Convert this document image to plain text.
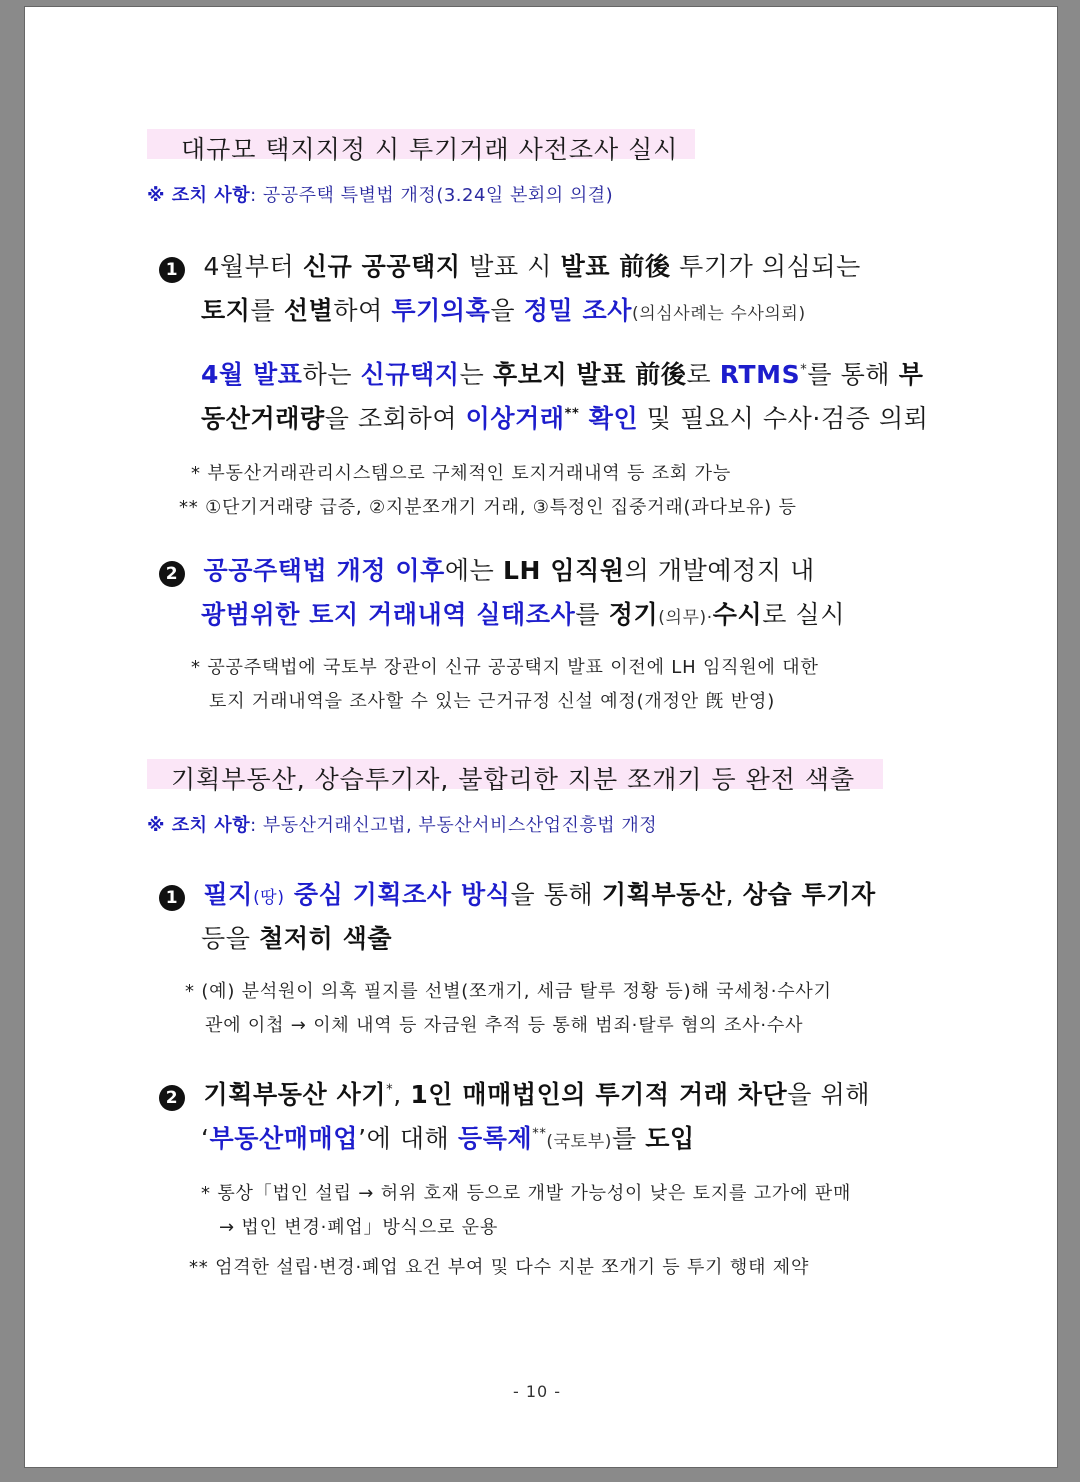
대규모 택지지정 시 투기거래 사전조사 실시
※ 조치 사항: 공공주택 특별법 개정(3.24일 본회의 의결)
1 4월부터 신규 공공택지 발표 시 발표 前後 투기가 의심되는
토지를 선별하여 투기의혹을 정밀 조사(의심사례는 수사의뢰)
4월 발표하는 신규택지는 후보지 발표 前後로 RTMS*를 통해 부
동산거래량을 조회하여 이상거래** 확인 및 필요시 수사·검증 의뢰
* 부동산거래관리시스템으로 구체적인 토지거래내역 등 조회 가능
** ①단기거래량 급증, ②지분쪼개기 거래, ③특정인 집중거래(과다보유) 등
2 공공주택법 개정 이후에는 LH 임직원의 개발예정지 내
광범위한 토지 거래내역 실태조사를 정기(의무)·수시로 실시
* 공공주택법에 국토부 장관이 신규 공공택지 발표 이전에 LH 임직원에 대한
토지 거래내역을 조사할 수 있는 근거규정 신설 예정(개정안 旣 반영)
기획부동산, 상습투기자, 불합리한 지분 쪼개기 등 완전 색출
※ 조치 사항: 부동산거래신고법, 부동산서비스산업진흥법 개정
1 필지(땅) 중심 기획조사 방식을 통해 기획부동산, 상습 투기자
등을 철저히 색출
* (예) 분석원이 의혹 필지를 선별(쪼개기, 세금 탈루 정황 등)해 국세청·수사기
관에 이첩 → 이체 내역 등 자금원 추적 등 통해 범죄·탈루 혐의 조사·수사
2 기획부동산 사기*, 1인 매매법인의 투기적 거래 차단을 위해
‘부동산매매업’에 대해 등록제**(국토부)를 도입
* 통상「법인 설립 → 허위 호재 등으로 개발 가능성이 낮은 토지를 고가에 판매
→ 법인 변경·폐업」방식으로 운용
** 엄격한 설립·변경·폐업 요건 부여 및 다수 지분 쪼개기 등 투기 행태 제약
- 10 -
